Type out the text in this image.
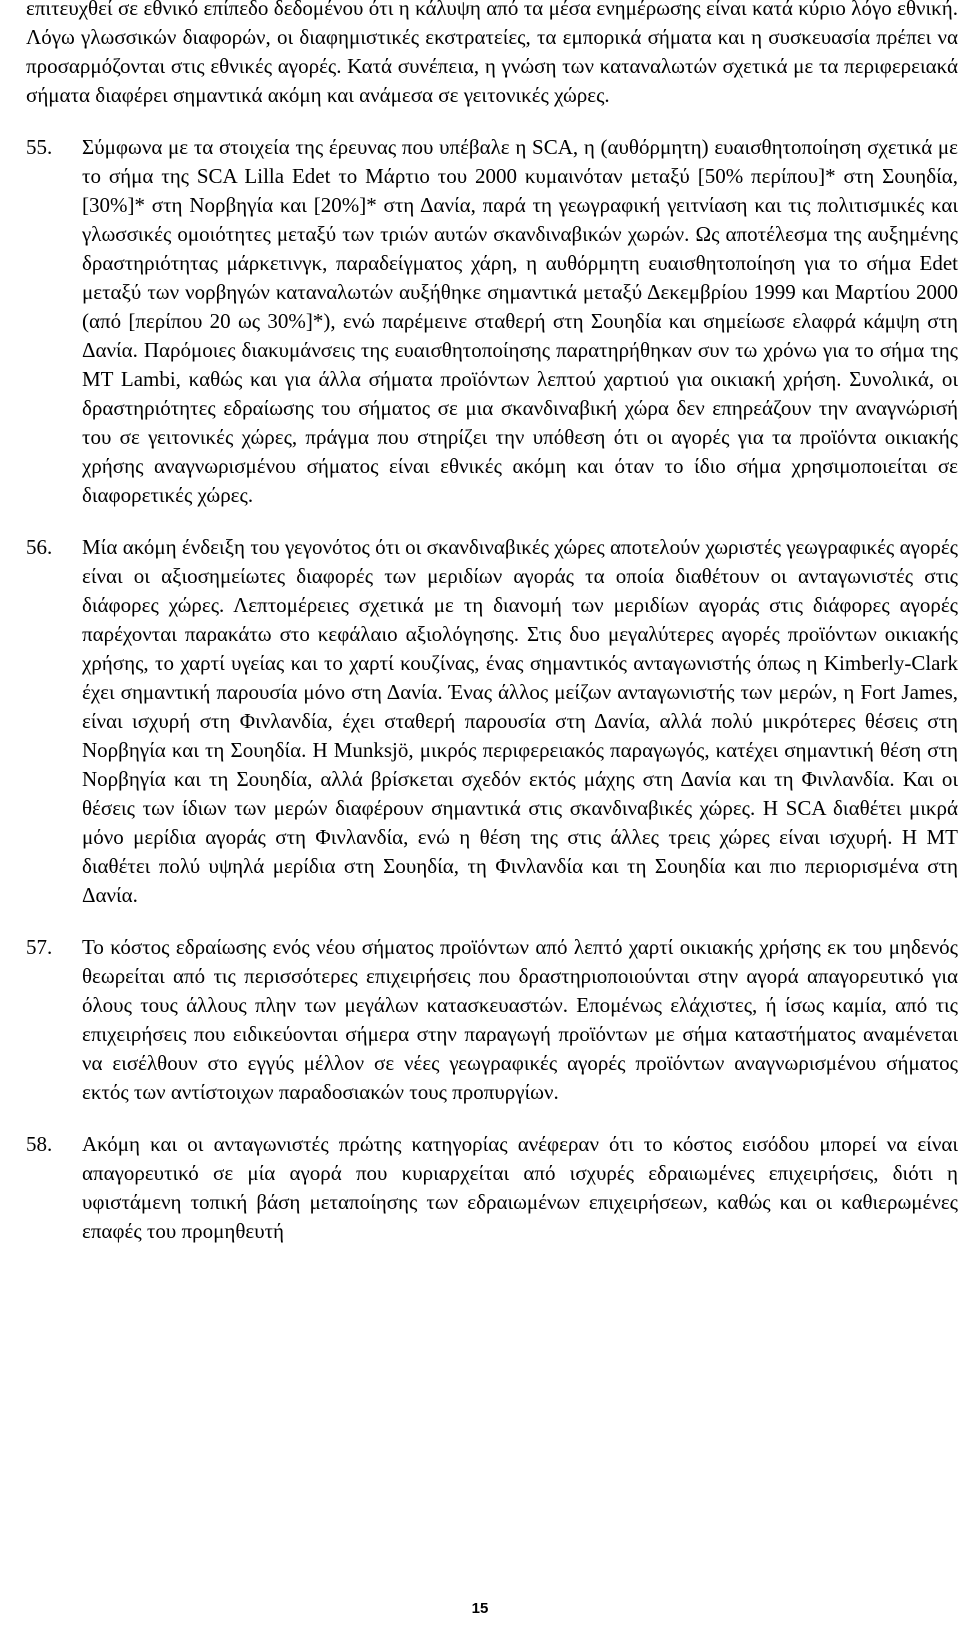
επιτευχθεί σε εθνικό επίπεδο δεδομένου ότι η κάλυψη από τα μέσα ενημέρωσης είναι κατά κύριο λόγο εθνική. Λόγω γλωσσικών διαφορών, οι διαφημιστικές εκστρατείες, τα εμπορικά σήματα και η συσκευασία πρέπει να προσαρμόζονται στις εθνικές αγορές. Κατά συνέπεια, η γνώση των καταναλωτών σχετικά με τα περιφερειακά σήματα διαφέρει σημαντικά ακόμη και ανάμεσα σε γειτονικές χώρες.

55.	Σύμφωνα με τα στοιχεία της έρευνας που υπέβαλε η SCA, η (αυθόρμητη) ευαισθητοποίηση σχετικά με το σήμα της SCA Lilla Edet το Μάρτιο του 2000 κυμαινόταν μεταξύ [50% περίπου]* στη Σουηδία, [30%]* στη Νορβηγία και [20%]* στη Δανία, παρά τη γεωγραφική γειτνίαση και τις πολιτισμικές και γλωσσικές ομοιότητες μεταξύ των τριών αυτών σκανδιναβικών χωρών. Ως αποτέλεσμα της αυξημένης δραστηριότητας μάρκετινγκ, παραδείγματος χάρη, η αυθόρμητη ευαισθητοποίηση για το σήμα Edet μεταξύ των νορβηγών καταναλωτών αυξήθηκε σημαντικά μεταξύ Δεκεμβρίου 1999 και Μαρτίου 2000 (από [περίπου 20 ως 30%]*), ενώ παρέμεινε σταθερή στη Σουηδία και σημείωσε ελαφρά κάμψη στη Δανία. Παρόμοιες διακυμάνσεις της ευαισθητοποίησης παρατηρήθηκαν συν τω χρόνω για το σήμα της MT Lambi, καθώς και για άλλα σήματα προϊόντων λεπτού χαρτιού για οικιακή χρήση. Συνολικά, οι δραστηριότητες εδραίωσης του σήματος σε μια σκανδιναβική χώρα δεν επηρεάζουν την αναγνώρισή του σε γειτονικές χώρες, πράγμα που στηρίζει την υπόθεση ότι οι αγορές για τα προϊόντα οικιακής χρήσης αναγνωρισμένου σήματος είναι εθνικές ακόμη και όταν το ίδιο σήμα χρησιμοποιείται σε διαφορετικές χώρες.
56.	Μία ακόμη ένδειξη του γεγονότος ότι οι σκανδιναβικές χώρες αποτελούν χωριστές γεωγραφικές αγορές είναι οι αξιοσημείωτες διαφορές των μεριδίων αγοράς τα οποία διαθέτουν οι ανταγωνιστές στις διάφορες χώρες. Λεπτομέρειες σχετικά με τη διανομή των μεριδίων αγοράς στις διάφορες αγορές παρέχονται παρακάτω στο κεφάλαιο αξιολόγησης. Στις δυο μεγαλύτερες αγορές προϊόντων οικιακής χρήσης, το χαρτί υγείας και το χαρτί κουζίνας, ένας σημαντικός ανταγωνιστής όπως η Kimberly-Clark έχει σημαντική παρουσία μόνο στη Δανία. Ένας άλλος μείζων ανταγωνιστής των μερών, η Fort James, είναι ισχυρή στη Φινλανδία, έχει σταθερή παρουσία στη Δανία, αλλά πολύ μικρότερες θέσεις στη Νορβηγία και τη Σουηδία. Η Munksjö, μικρός περιφερειακός παραγωγός, κατέχει σημαντική θέση στη Νορβηγία και τη Σουηδία, αλλά βρίσκεται σχεδόν εκτός μάχης στη Δανία και τη Φινλανδία. Και οι θέσεις των ίδιων των μερών διαφέρουν σημαντικά στις σκανδιναβικές χώρες. Η SCA διαθέτει μικρά μόνο μερίδια αγοράς στη Φινλανδία, ενώ η θέση της στις άλλες τρεις χώρες είναι ισχυρή. Η MT διαθέτει πολύ υψηλά μερίδια στη Σουηδία, τη Φινλανδία και τη Σουηδία και πιο περιορισμένα στη Δανία.
57.	Το κόστος εδραίωσης ενός νέου σήματος προϊόντων από λεπτό χαρτί οικιακής χρήσης εκ του μηδενός θεωρείται από τις περισσότερες επιχειρήσεις που δραστηριοποιούνται στην αγορά απαγορευτικό για όλους τους άλλους πλην των μεγάλων κατασκευαστών. Επομένως ελάχιστες, ή ίσως καμία, από τις επιχειρήσεις που ειδικεύονται σήμερα στην παραγωγή προϊόντων με σήμα καταστήματος αναμένεται να εισέλθουν στο εγγύς μέλλον σε νέες γεωγραφικές αγορές προϊόντων αναγνωρισμένου σήματος εκτός των αντίστοιχων παραδοσιακών τους προπυργίων.
58.	Ακόμη και οι ανταγωνιστές πρώτης κατηγορίας ανέφεραν ότι το κόστος εισόδου μπορεί να είναι απαγορευτικό σε μία αγορά που κυριαρχείται από ισχυρές εδραιωμένες επιχειρήσεις, διότι η υφιστάμενη τοπική βάση μεταποίησης των εδραιωμένων επιχειρήσεων, καθώς και οι καθιερωμένες επαφές του προμηθευτή
15
